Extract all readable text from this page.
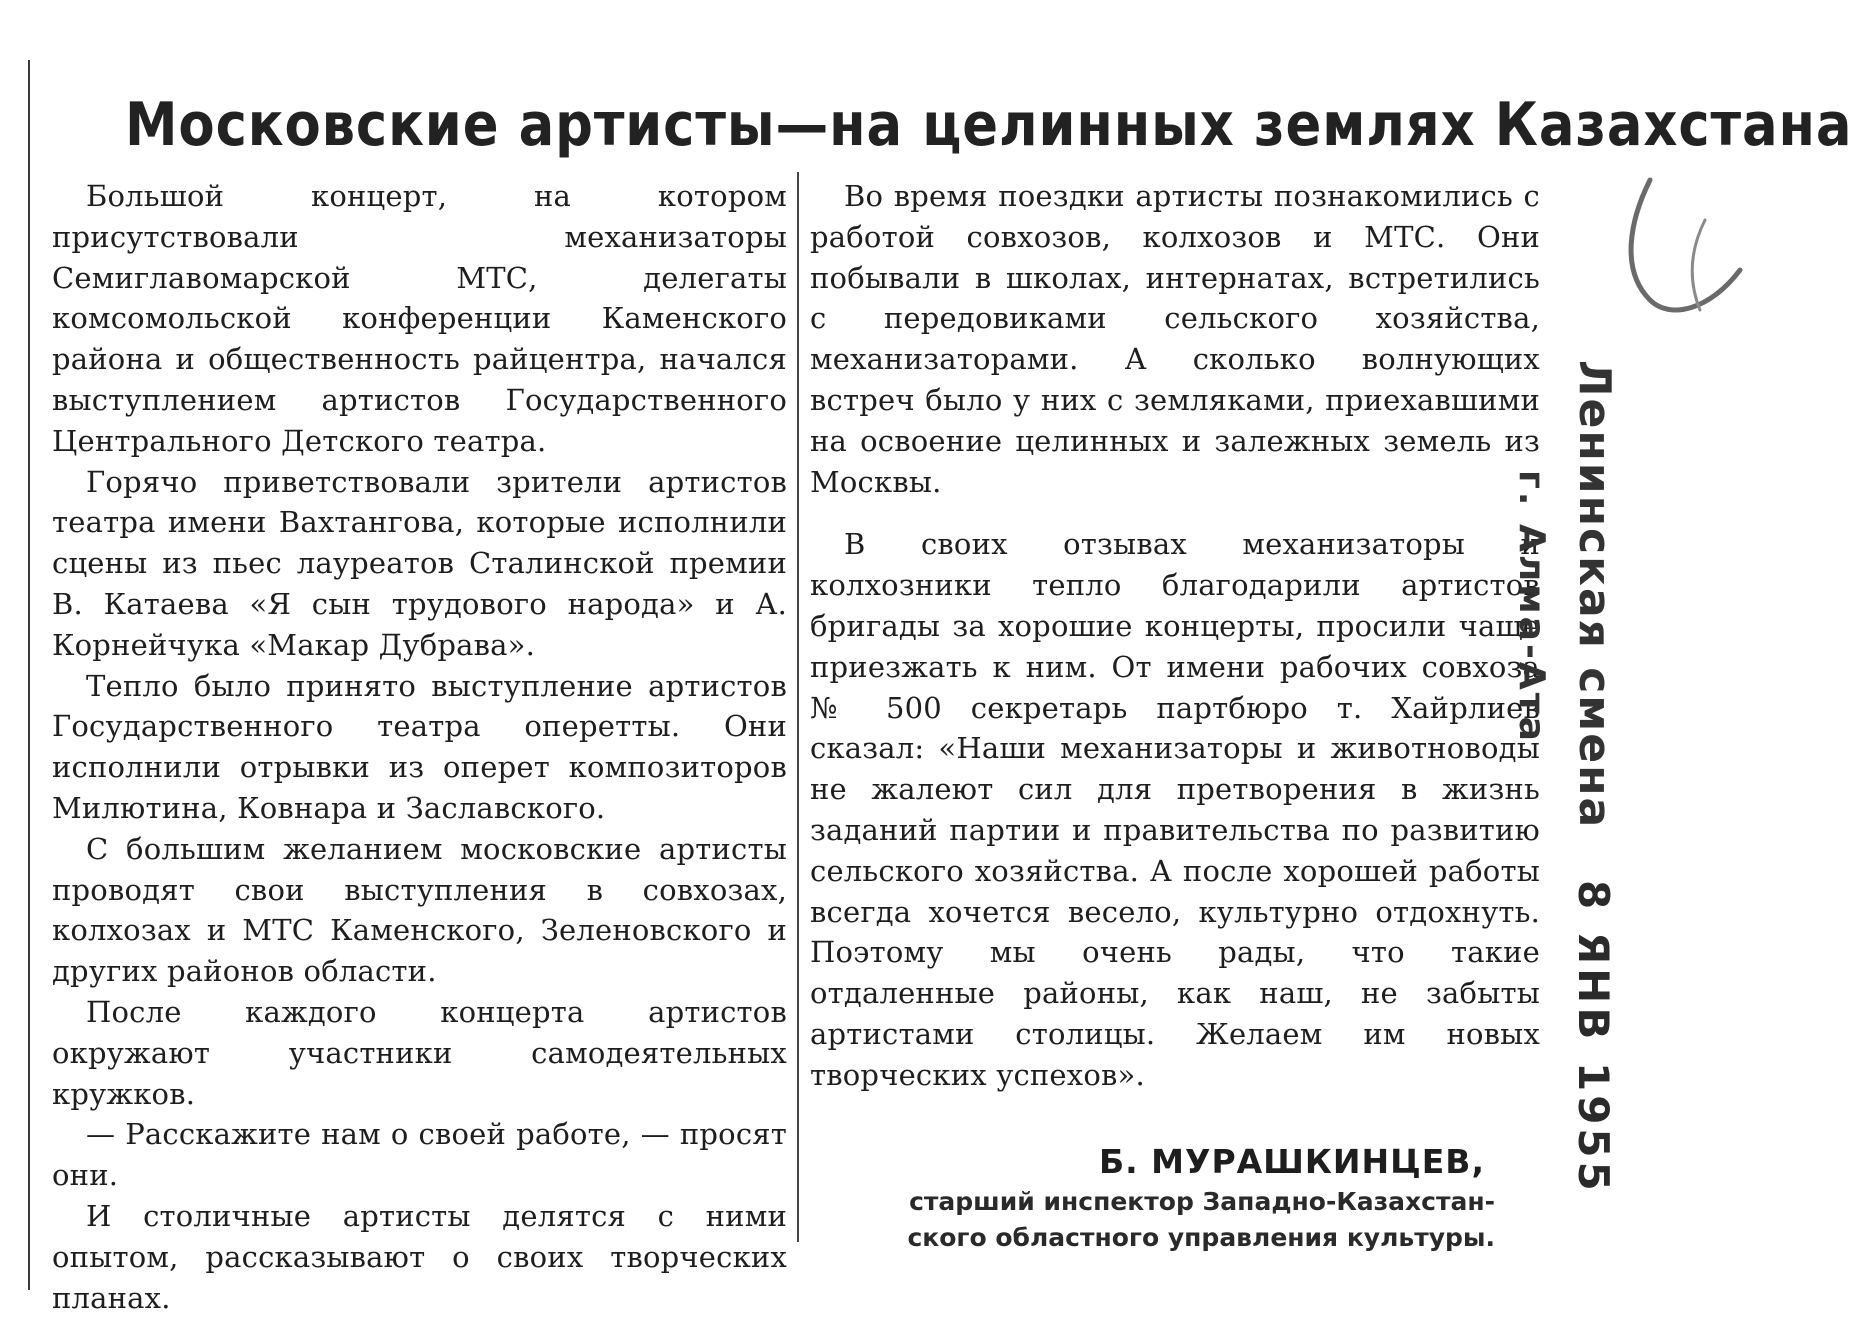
Московские артисты—на целинных землях Казахстана

Большой концерт, на котором присутствовали механизаторы Семиглавомарской МТС, делегаты комсомольской конференции Каменского района и общественность райцентра, начался выступлением артистов Государственного Центрального Детского театра.

Горячо приветствовали зрители артистов театра имени Вахтангова, которые исполнили сцены из пьес лауреатов Сталинской премии В. Катаева «Я сын трудового народа» и А. Корнейчука «Макар Дубрава».

Тепло было принято выступление артистов Государственного театра оперетты. Они исполнили отрывки из оперет композиторов Милютина, Ковнара и Заславского.

С большим желанием московские артисты проводят свои выступления в совхозах, колхозах и МТС Каменского, Зеленовского и других районов области.

После каждого концерта артистов окружают участники самодеятельных кружков.

— Расскажите нам о своей работе, — просят они.

И столичные артисты делятся с ними опытом, рассказывают о своих творческих планах.

Во время поездки артисты познакомились с работой совхозов, колхозов и МТС. Они побывали в школах, интернатах, встретились с передовиками сельского хозяйства, механизаторами. А сколько волнующих встреч было у них с земляками, приехавшими на освоение целинных и залежных земель из Москвы.

В своих отзывах механизаторы и колхозники тепло благодарили артистов бригады за хорошие концерты, просили чаще приезжать к ним. От имени рабочих совхоза № 500 секретарь партбюро т. Хайрлиев сказал: «Наши механизаторы и животноводы не жалеют сил для претворения в жизнь заданий партии и правительства по развитию сельского хозяйства. А после хорошей работы всегда хочется весело, культурно отдохнуть. Поэтому мы очень рады, что такие отдаленные районы, как наш, не забыты артистами столицы. Желаем им новых творческих успехов».

Б. МУРАШКИНЦЕВ,

старший инспектор Западно-Казахстан-

ского областного управления культуры.

Ленинская смена
г. Алма-Ата
8 ЯНВ 1955
